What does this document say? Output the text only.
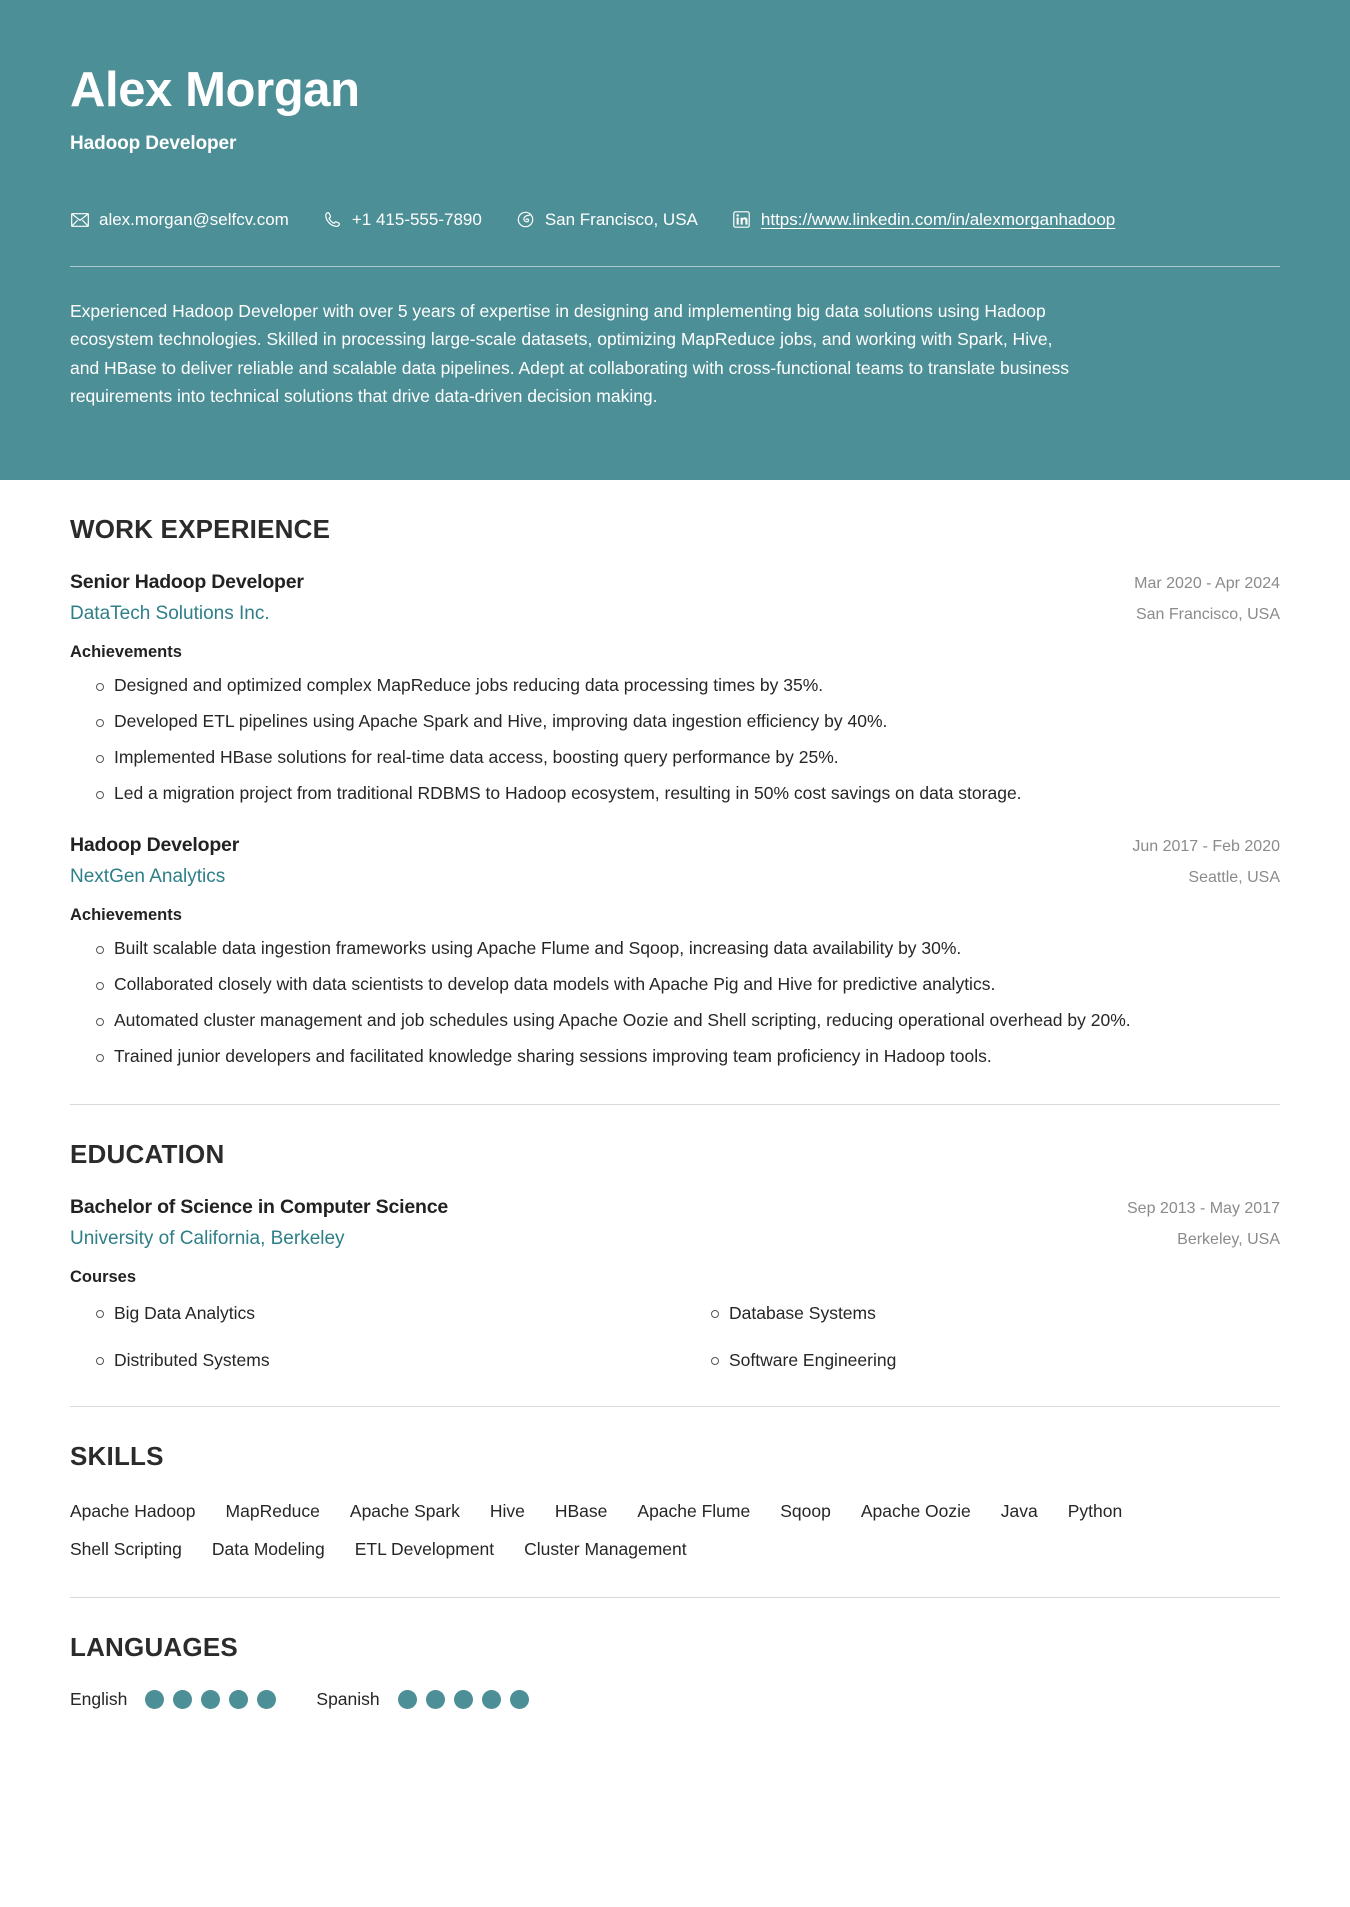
Alex Morgan
Hadoop Developer
alex.morgan@selfcv.com	+1 415-555-7890	San Francisco, USA	https://www.linkedin.com/in/alexmorganhadoop
Experienced Hadoop Developer with over 5 years of expertise in designing and implementing big data solutions using Hadoop ecosystem technologies. Skilled in processing large-scale datasets, optimizing MapReduce jobs, and working with Spark, Hive, and HBase to deliver reliable and scalable data pipelines. Adept at collaborating with cross-functional teams to translate business requirements into technical solutions that drive data-driven decision making.
WORK EXPERIENCE
Senior Hadoop Developer
DataTech Solutions Inc.
Mar 2020 - Apr 2024
San Francisco, USA
Achievements
Designed and optimized complex MapReduce jobs reducing data processing times by 35%.
Developed ETL pipelines using Apache Spark and Hive, improving data ingestion efficiency by 40%.
Implemented HBase solutions for real-time data access, boosting query performance by 25%.
Led a migration project from traditional RDBMS to Hadoop ecosystem, resulting in 50% cost savings on data storage.
Hadoop Developer
NextGen Analytics
Jun 2017 - Feb 2020
Seattle, USA
Achievements
Built scalable data ingestion frameworks using Apache Flume and Sqoop, increasing data availability by 30%.
Collaborated closely with data scientists to develop data models with Apache Pig and Hive for predictive analytics.
Automated cluster management and job schedules using Apache Oozie and Shell scripting, reducing operational overhead by 20%.
Trained junior developers and facilitated knowledge sharing sessions improving team proficiency in Hadoop tools.
EDUCATION
Bachelor of Science in Computer Science
University of California, Berkeley
Sep 2013 - May 2017
Berkeley, USA
Courses
Big Data Analytics	Database Systems
Distributed Systems	Software Engineering
SKILLS
Apache Hadoop MapReduce Apache Spark Hive HBase Apache Flume Sqoop Apache Oozie Java Python
Shell Scripting Data Modeling ETL Development Cluster Management
LANGUAGES
English	Spanish
